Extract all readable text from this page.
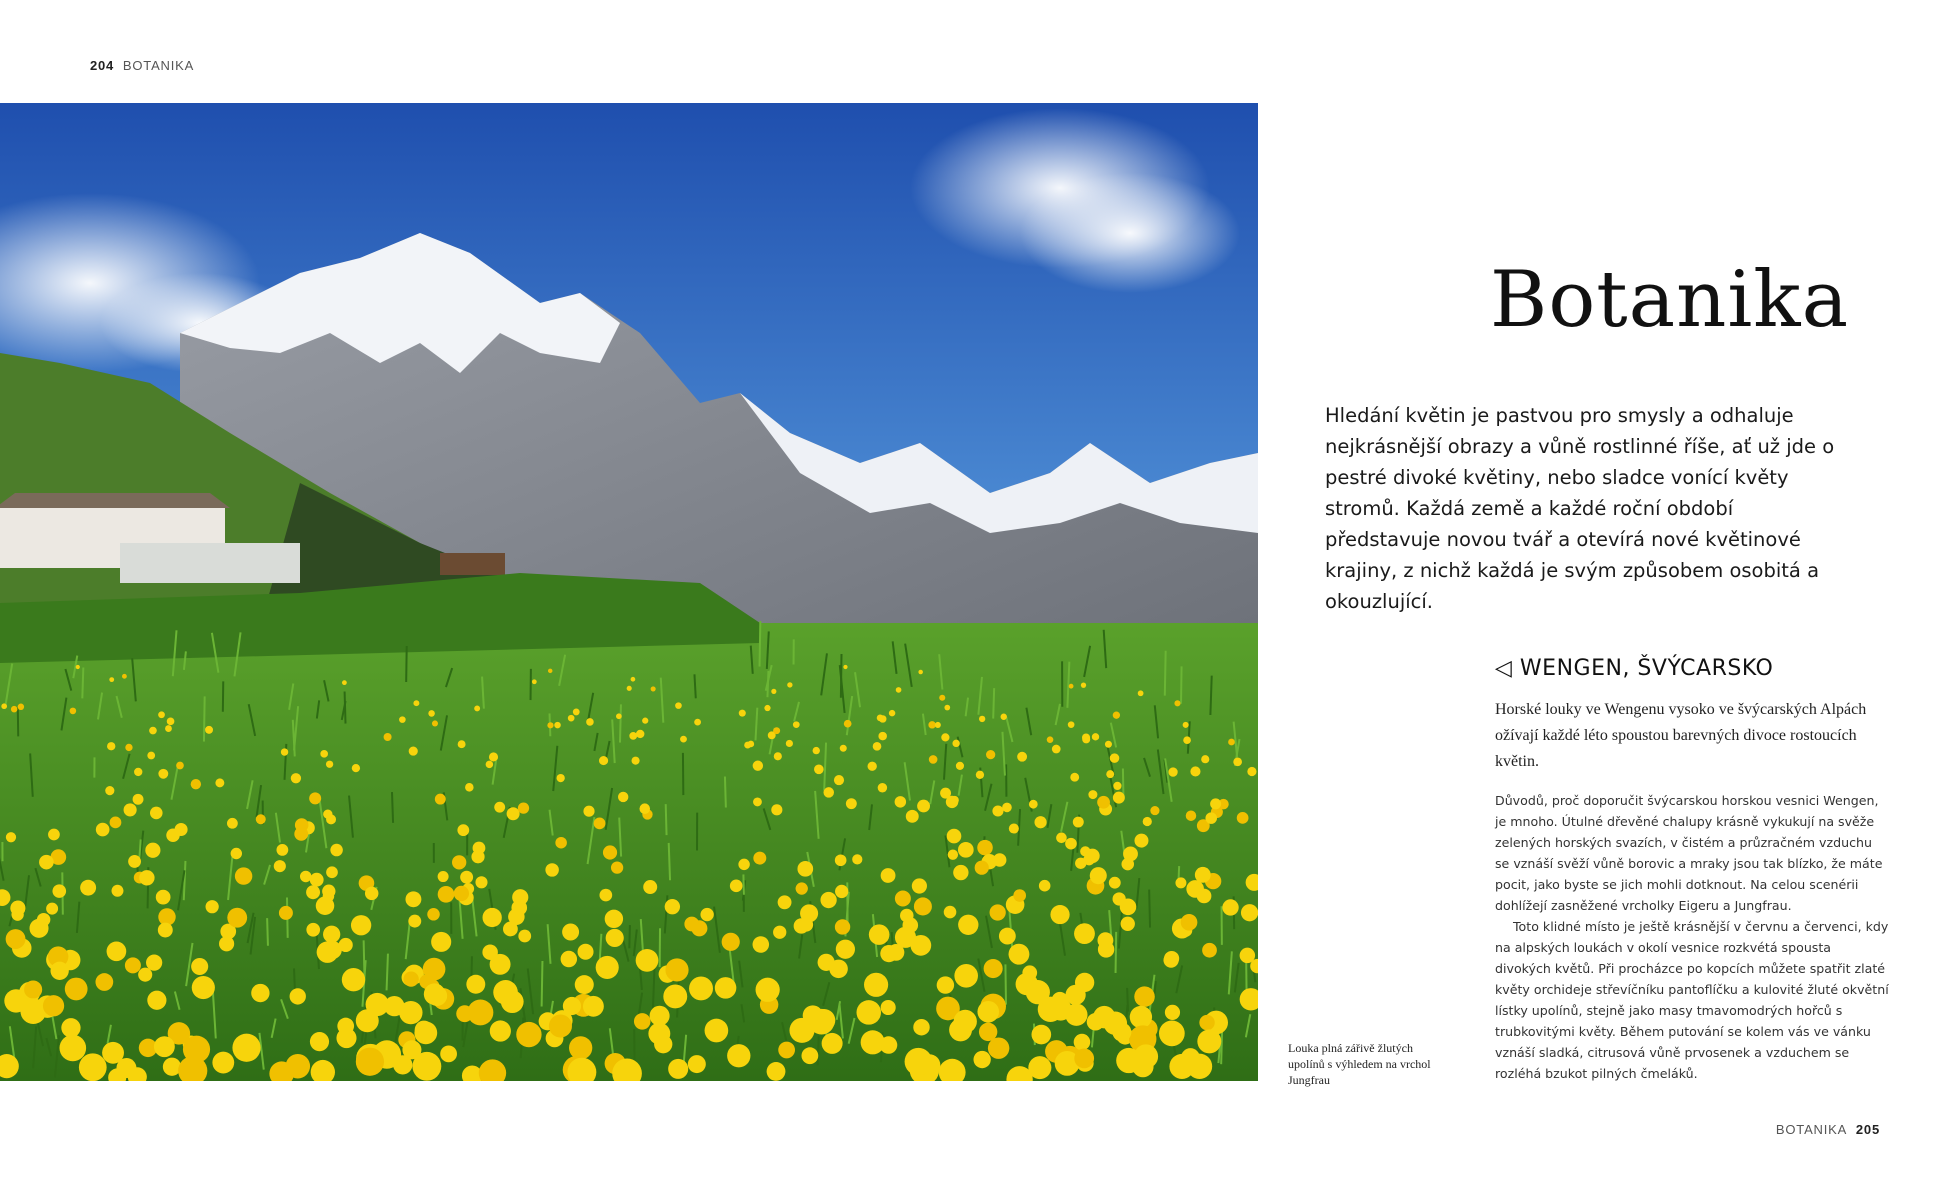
204 BOTANIKA
Botanika
Hledání květin je pastvou pro smysly a odhaluje nejkrásnější obrazy a vůně rostlinné říše, ať už jde o pestré divoké květiny, nebo sladce vonící květy stromů. Každá země a každé roční období představuje novou tvář a otevírá nové květinové krajiny, z nichž každá je svým způsobem osobitá a okouzlující.
◁ WENGEN, ŠVÝCARSKO
Horské louky ve Wengenu vysoko ve švýcarských Alpách ožívají každé léto spoustou barevných divoce rostoucích květin.

Důvodů, proč doporučit švýcarskou horskou vesnici Wengen, je mnoho. Útulné dřevěné chalupy krásně vykukují na svěže zelených horských svazích, v čistém a průzračném vzduchu se vznáší svěží vůně borovic a mraky jsou tak blízko, že máte pocit, jako byste se jich mohli dotknout. Na celou scenérii dohlížejí zasněžené vrcholky Eigeru a Jungfrau.

Toto klidné místo je ještě krásnější v červnu a červenci, kdy na alpských loukách v okolí vesnice rozkvétá spousta divokých květů. Při procházce po kopcích můžete spatřit zlaté květy orchideje střevíčníku pantoflíčku a kulovité žluté okvětní lístky upolínů, stejně jako masy tmavomodrých hořců s trubkovitými květy. Během putování se kolem vás ve vánku vznáší sladká, citrusová vůně prvosenek a vzduchem se rozléhá bzukot pilných čmeláků.

Louka plná zářivě žlutých upolínů s výhledem na vrchol Jungfrau
BOTANIKA 205
